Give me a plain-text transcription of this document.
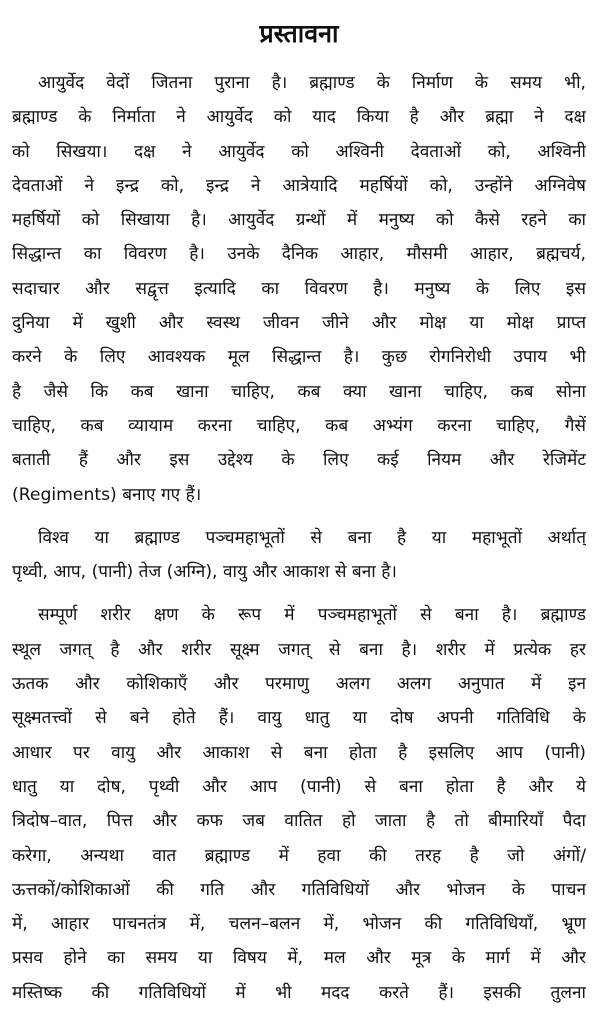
प्रस्तावना
आयुर्वेद वेदों जितना पुराना है। ब्रह्माण्ड के निर्माण के समय भी,
ब्रह्माण्ड के निर्माता ने आयुर्वेद को याद किया है और ब्रह्मा ने दक्ष
को सिखया। दक्ष ने आयुर्वेद को अश्विनी देवताओं को, अश्विनी
देवताओं ने इन्द्र को, इन्द्र ने आत्रेयादि महर्षियों को, उन्होंने अग्निवेष
महर्षियों को सिखाया है। आयुर्वेद ग्रन्थों में मनुष्य को कैसे रहने का
सिद्धान्त का विवरण है। उनके दैनिक आहार, मौसमी आहार, ब्रह्मचर्य,
सदाचार और सद्वृत्त इत्यादि का विवरण है। मनुष्य के लिए इस
दुनिया में खुशी और स्वस्थ जीवन जीने और मोक्ष या मोक्ष प्राप्त
करने के लिए आवश्यक मूल सिद्धान्त है। कुछ रोगनिरोधी उपाय भी
है जैसे कि कब खाना चाहिए, कब क्या खाना चाहिए, कब सोना
चाहिए, कब व्यायाम करना चाहिए, कब अभ्यंग करना चाहिए, गैसें
बताती हैं और इस उद्देश्य के लिए कई नियम और रेजिमेंट
(Regiments) बनाए गए हैं।
विश्व या ब्रह्माण्ड पञ्चमहाभूतों से बना है या महाभूतों अर्थात्
पृथ्वी, आप, (पानी) तेज (अग्नि), वायु और आकाश से बना है।
सम्पूर्ण शरीर क्षण के रूप में पञ्चमहाभूतों से बना है। ब्रह्माण्ड
स्थूल जगत् है और शरीर सूक्ष्म जगत् से बना है। शरीर में प्रत्येक हर
ऊतक और कोशिकाएँ और परमाणु अलग अलग अनुपात में इन
सूक्ष्मतत्त्वों से बने होते हैं। वायु धातु या दोष अपनी गतिविधि के
आधार पर वायु और आकाश से बना होता है इसलिए आप (पानी)
धातु या दोष, पृथ्वी और आप (पानी) से बना होता है और ये
त्रिदोष–वात, पित्त और कफ जब वातित हो जाता है तो बीमारियाँ पैदा
करेगा, अन्यथा वात ब्रह्माण्ड में हवा की तरह है जो अंगों/
ऊत्तकों/कोशिकाओं की गति और गतिविधियों और भोजन के पाचन
में, आहार पाचनतंत्र में, चलन–बलन में, भोजन की गतिविधियाँ, भ्रूण
प्रसव होने का समय या विषय में, मल और मूत्र के मार्ग में और
मस्तिष्क की गतिविधियों में भी मदद करते हैं। इसकी तुलना
